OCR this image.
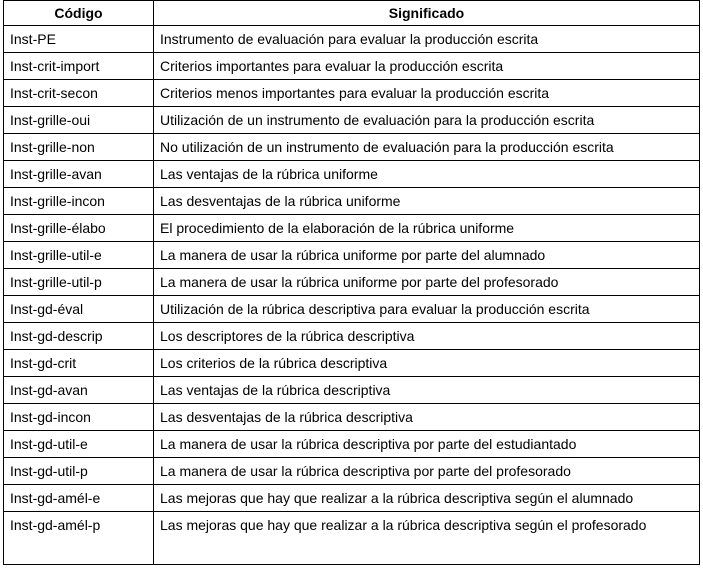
Código	Significado
Inst-PE	Instrumento de evaluación para evaluar la producción escrita
Inst-crit-import	Criterios importantes para evaluar la producción escrita
Inst-crit-secon	Criterios menos importantes para evaluar la producción escrita
Inst-grille-oui	Utilización de un instrumento de evaluación para la producción escrita
Inst-grille-non	No utilización de un instrumento de evaluación para la producción escrita
Inst-grille-avan	Las ventajas de la rúbrica uniforme
Inst-grille-incon	Las desventajas de la rúbrica uniforme
Inst-grille-élabo	El procedimiento de la elaboración de la rúbrica uniforme
Inst-grille-util-e	La manera de usar la rúbrica uniforme por parte del alumnado
Inst-grille-util-p	La manera de usar la rúbrica uniforme por parte del profesorado
Inst-gd-éval	Utilización de la rúbrica descriptiva para evaluar la producción escrita
Inst-gd-descrip	Los descriptores de la rúbrica descriptiva
Inst-gd-crit	Los criterios de la rúbrica descriptiva
Inst-gd-avan	Las ventajas de la rúbrica descriptiva
Inst-gd-incon	Las desventajas de la rúbrica descriptiva
Inst-gd-util-e	La manera de usar la rúbrica descriptiva por parte del estudiantado
Inst-gd-util-p	La manera de usar la rúbrica descriptiva por parte del profesorado
Inst-gd-amél-e	Las mejoras que hay que realizar a la rúbrica descriptiva según el alumnado
Inst-gd-amél-p	Las mejoras que hay que realizar a la rúbrica descriptiva según el profesorado
